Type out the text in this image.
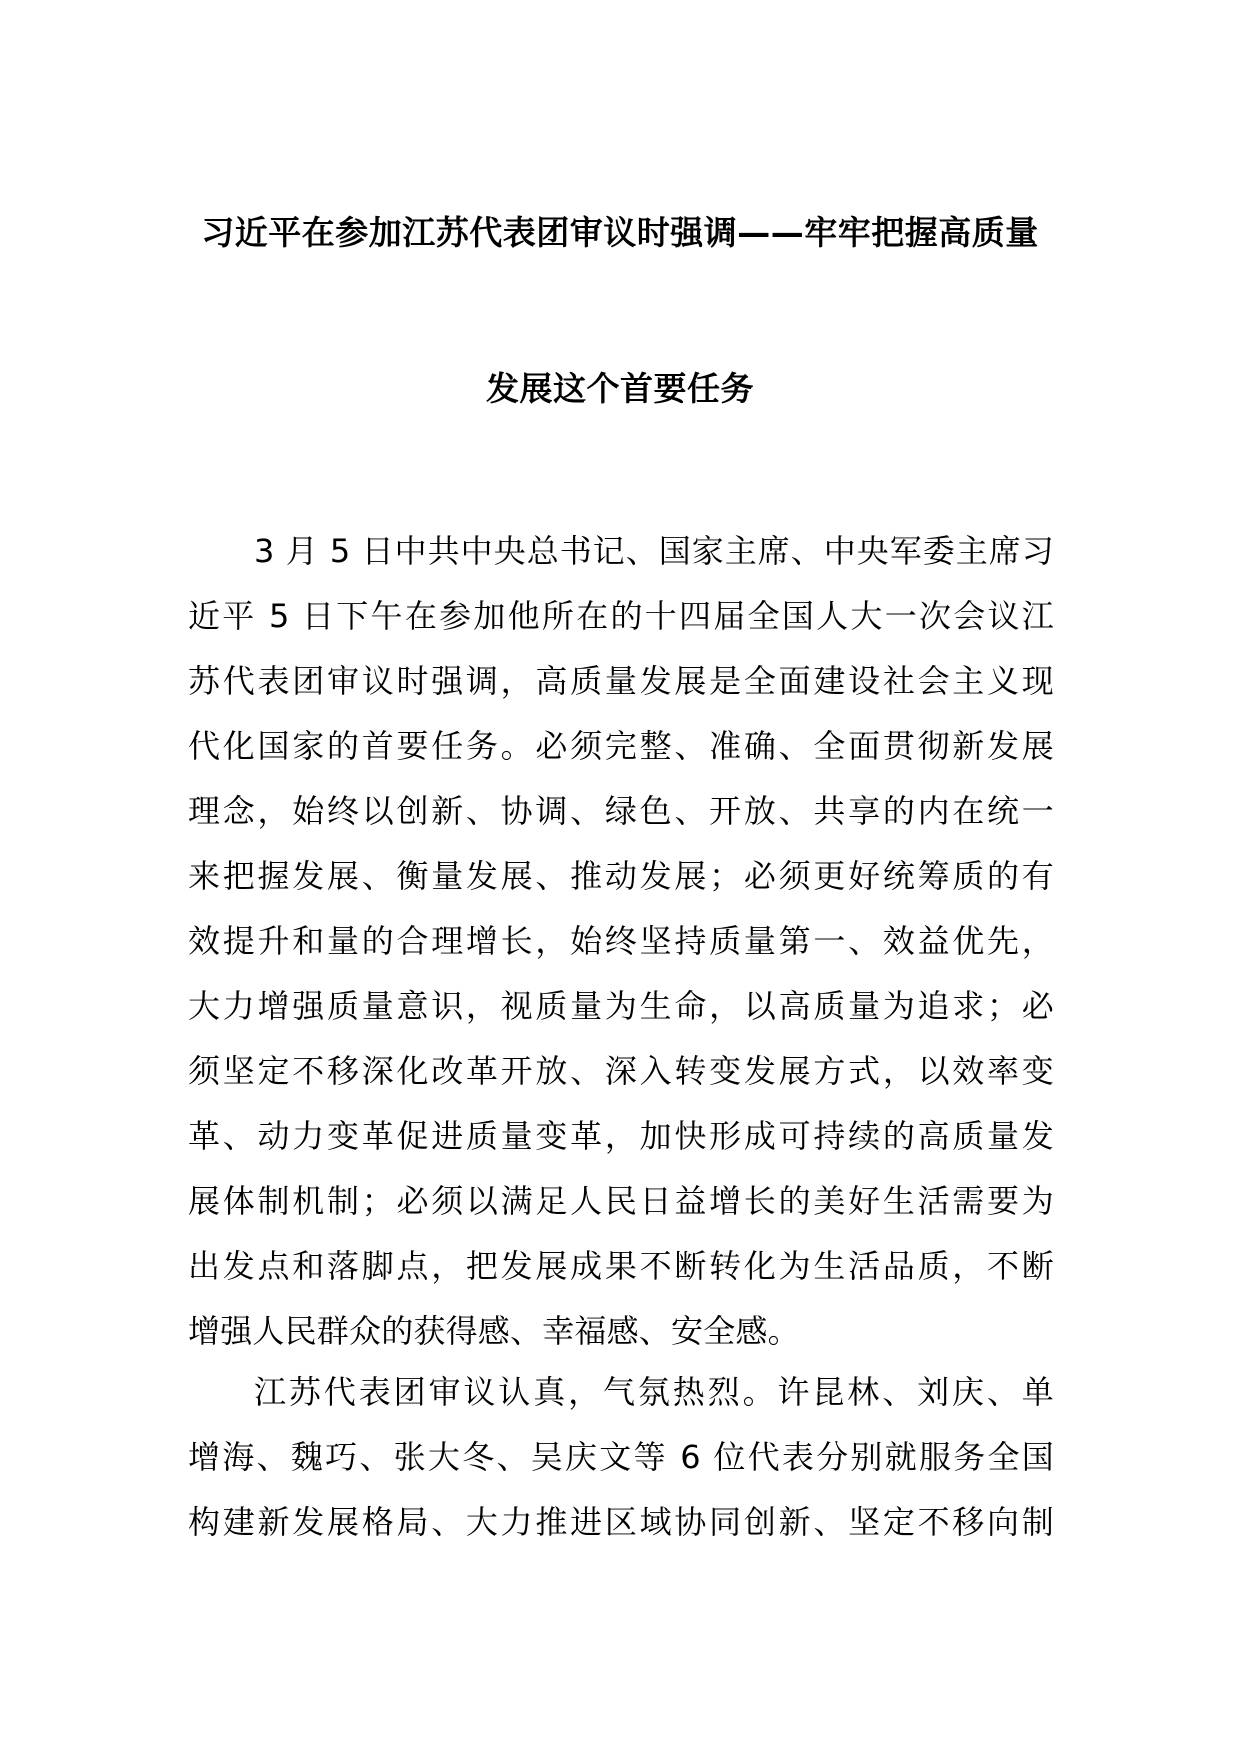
习近平在参加江苏代表团审议时强调——牢牢把握高质量
发展这个首要任务
3 月 5 日中共中央总书记、国家主席、中央军委主席习
近平 5 日下午在参加他所在的十四届全国人大一次会议江
苏代表团审议时强调，高质量发展是全面建设社会主义现
代化国家的首要任务。必须完整、准确、全面贯彻新发展
理念，始终以创新、协调、绿色、开放、共享的内在统一
来把握发展、衡量发展、推动发展；必须更好统筹质的有
效提升和量的合理增长，始终坚持质量第一、效益优先，
大力增强质量意识，视质量为生命，以高质量为追求；必
须坚定不移深化改革开放、深入转变发展方式，以效率变
革、动力变革促进质量变革，加快形成可持续的高质量发
展体制机制；必须以满足人民日益增长的美好生活需要为
出发点和落脚点，把发展成果不断转化为生活品质，不断
增强人民群众的获得感、幸福感、安全感。
江苏代表团审议认真，气氛热烈。许昆林、刘庆、单
增海、魏巧、张大冬、吴庆文等 6 位代表分别就服务全国
构建新发展格局、大力推进区域协同创新、坚定不移向制
